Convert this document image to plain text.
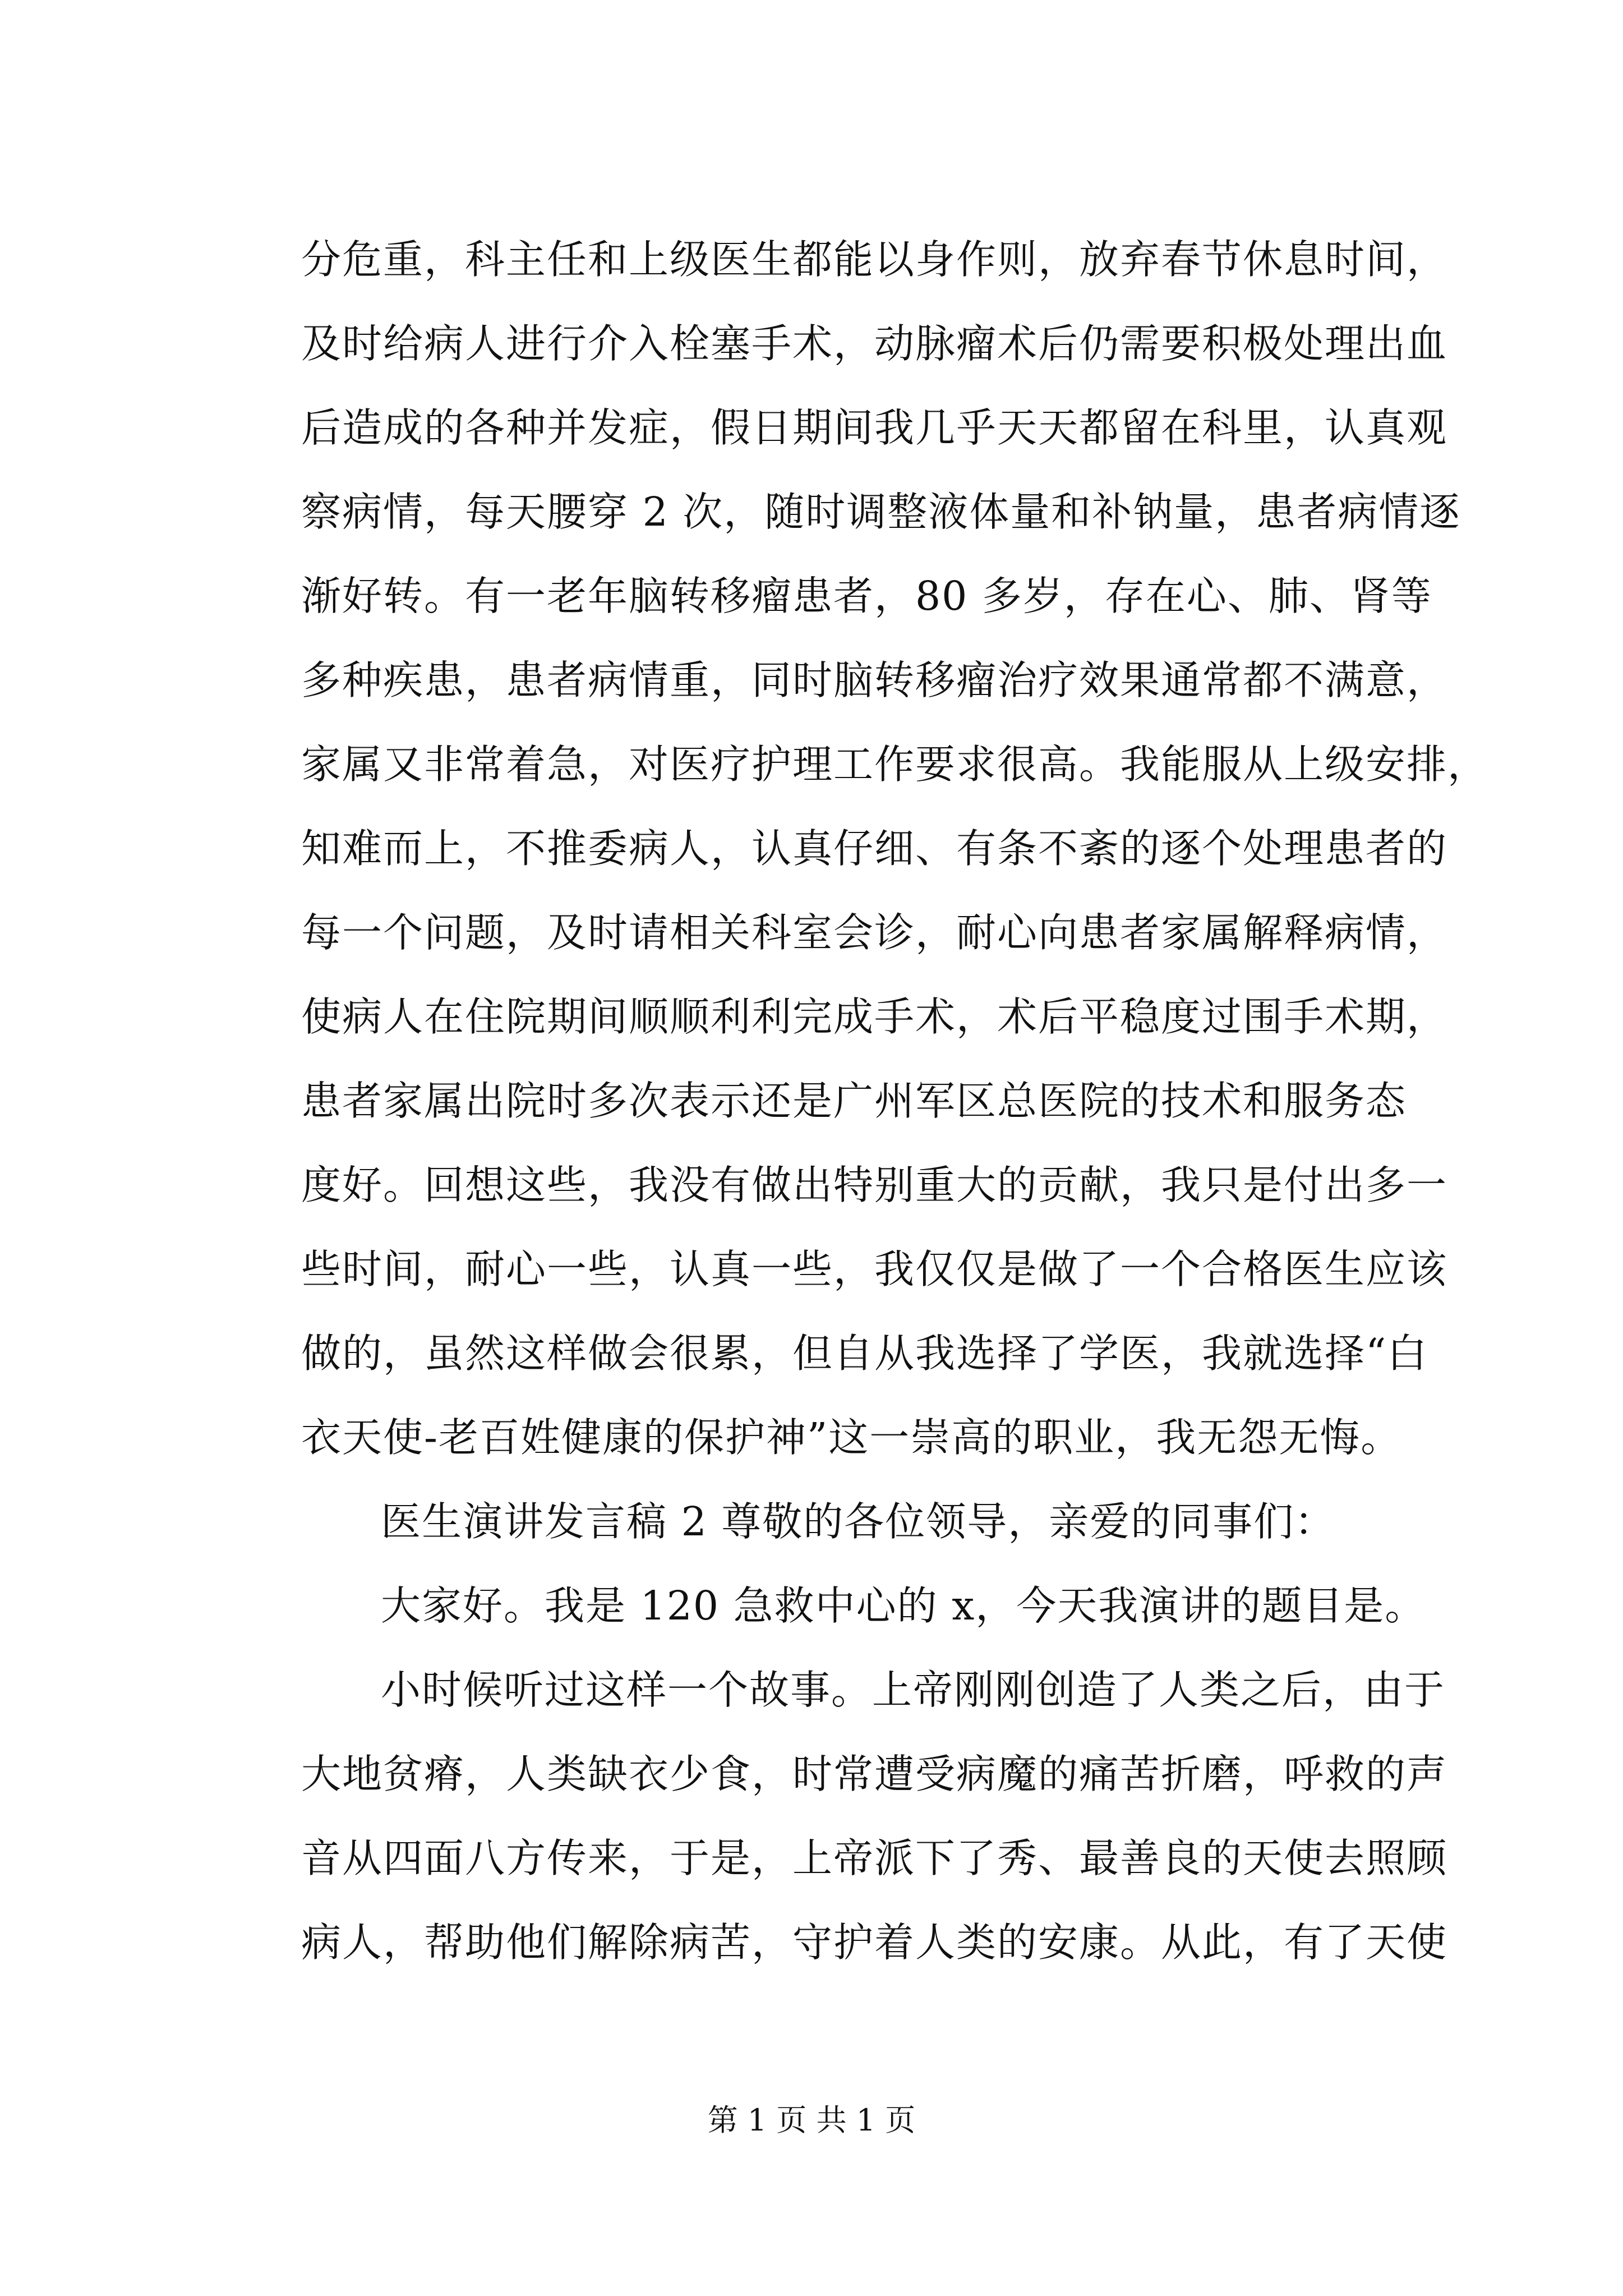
分危重，科主任和上级医生都能以身作则，放弃春节休息时间，
及时给病人进行介入栓塞手术，动脉瘤术后仍需要积极处理出血
后造成的各种并发症，假日期间我几乎天天都留在科里，认真观
察病情，每天腰穿 2 次，随时调整液体量和补钠量，患者病情逐
渐好转。有一老年脑转移瘤患者，80 多岁，存在心、肺、肾等
多种疾患，患者病情重，同时脑转移瘤治疗效果通常都不满意，
家属又非常着急，对医疗护理工作要求很高。我能服从上级安排，
知难而上，不推委病人，认真仔细、有条不紊的逐个处理患者的
每一个问题，及时请相关科室会诊，耐心向患者家属解释病情，
使病人在住院期间顺顺利利完成手术，术后平稳度过围手术期，
患者家属出院时多次表示还是广州军区总医院的技术和服务态
度好。回想这些，我没有做出特别重大的贡献，我只是付出多一
些时间，耐心一些，认真一些，我仅仅是做了一个合格医生应该
做的，虽然这样做会很累，但自从我选择了学医，我就选择“白
衣天使-老百姓健康的保护神”这一崇高的职业，我无怨无悔。
医生演讲发言稿 2 尊敬的各位领导，亲爱的同事们：
大家好。我是 120 急救中心的 x，今天我演讲的题目是。
小时候听过这样一个故事。上帝刚刚创造了人类之后，由于
大地贫瘠，人类缺衣少食，时常遭受病魔的痛苦折磨，呼救的声
音从四面八方传来，于是，上帝派下了秀、最善良的天使去照顾
病人，帮助他们解除病苦，守护着人类的安康。从此，有了天使
第 1 页 共 1 页
